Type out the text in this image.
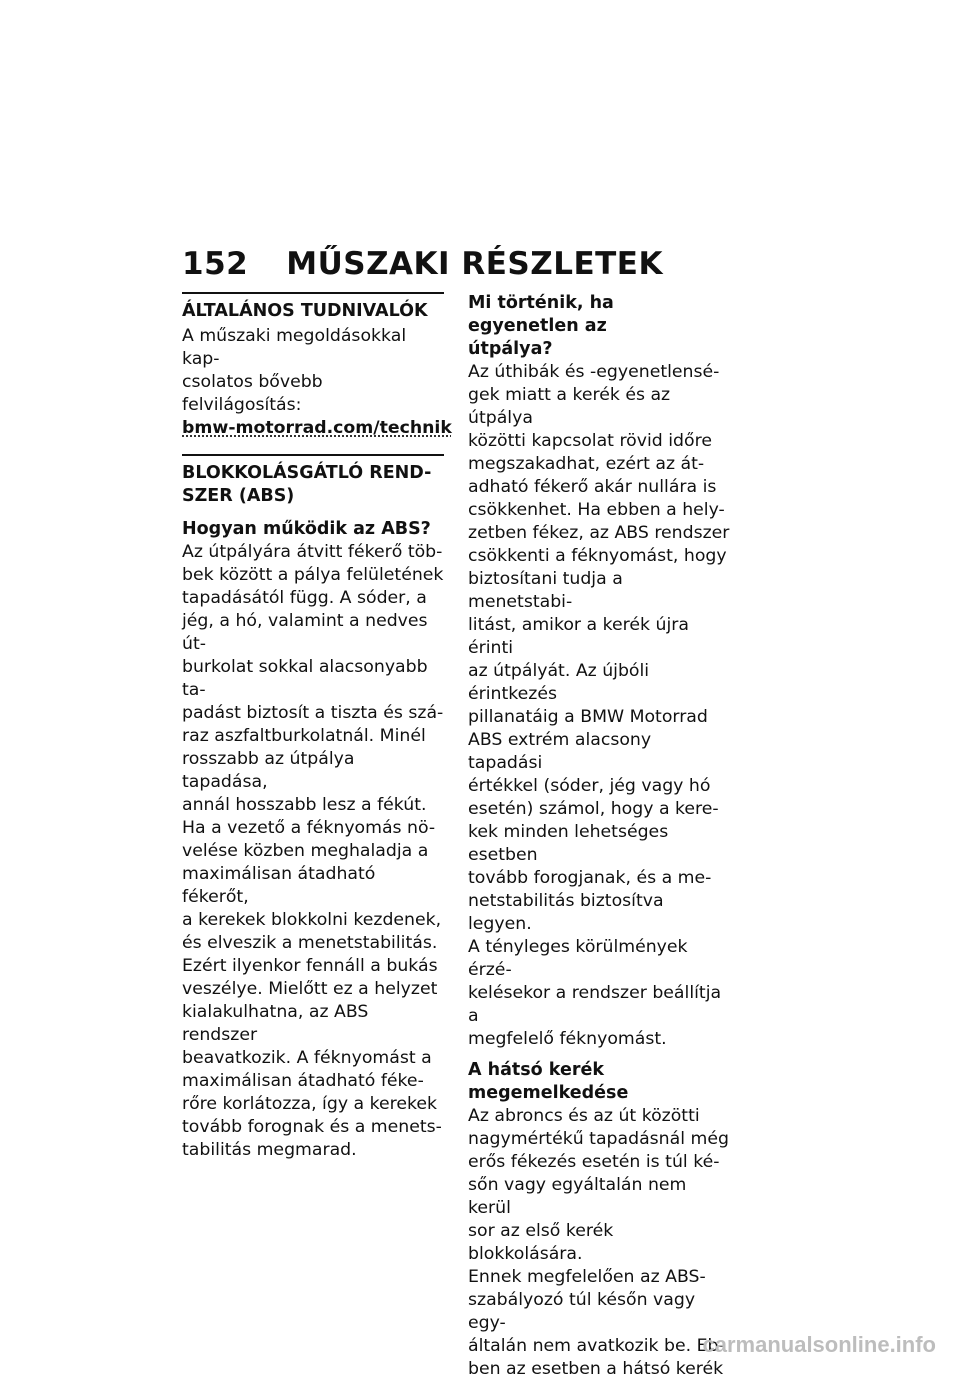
152 MŰSZAKI RÉSZLETEK
ÁLTALÁNOS TUDNIVALÓK

A műszaki megoldásokkal kap-
csolatos bővebb felvilágosítás:

bmw-motorrad.com/technik
BLOKKOLÁSGÁTLÓ REND-
SZER (ABS)
Hogyan működik az ABS?

Az útpályára átvitt fékerő töb-
bek között a pálya felületének
tapadásától függ. A sóder, a
jég, a hó, valamint a nedves út-
burkolat sokkal alacsonyabb ta-
padást biztosít a tiszta és szá-
raz aszfaltburkolatnál. Minél
rosszabb az útpálya tapadása,
annál hosszabb lesz a fékút.
Ha a vezető a féknyomás nö-
velése közben meghaladja a
maximálisan átadható fékerőt,
a kerekek blokkolni kezdenek,
és elveszik a menetstabilitás.
Ezért ilyenkor fennáll a bukás
veszélye. Mielőtt ez a helyzet
kialakulhatna, az ABS rendszer
beavatkozik. A féknyomást a
maximálisan átadható féke-
rőre korlátozza, így a kerekek
tovább forognak és a menets-
tabilitás megmarad.

Mi történik, ha egyenetlen az
útpálya?

Az úthibák és -egyenetlensé-
gek miatt a kerék és az útpálya
közötti kapcsolat rövid időre
megszakadhat, ezért az át-
adható fékerő akár nullára is
csökkenhet. Ha ebben a hely-
zetben fékez, az ABS rendszer
csökkenti a féknyomást, hogy
biztosítani tudja a menetstabi-
litást, amikor a kerék újra érinti
az útpályát. Az újbóli érintkezés
pillanatáig a BMW Motorrad
ABS extrém alacsony tapadási
értékkel (sóder, jég vagy hó
esetén) számol, hogy a kere-
kek minden lehetséges esetben
tovább forogjanak, és a me-
netstabilitás biztosítva legyen.
A tényleges körülmények érzé-
kelésekor a rendszer beállítja a
megfelelő féknyomást.

A hátsó kerék
megemelkedése

Az abroncs és az út közötti
nagymértékű tapadásnál még
erős fékezés esetén is túl ké-
sőn vagy egyáltalán nem kerül
sor az első kerék blokkolására.
Ennek megfelelően az ABS-
szabályozó túl későn vagy egy-
általán nem avatkozik be. Eb-
ben az esetben a hátsó kerék

carmanualsonline.info
